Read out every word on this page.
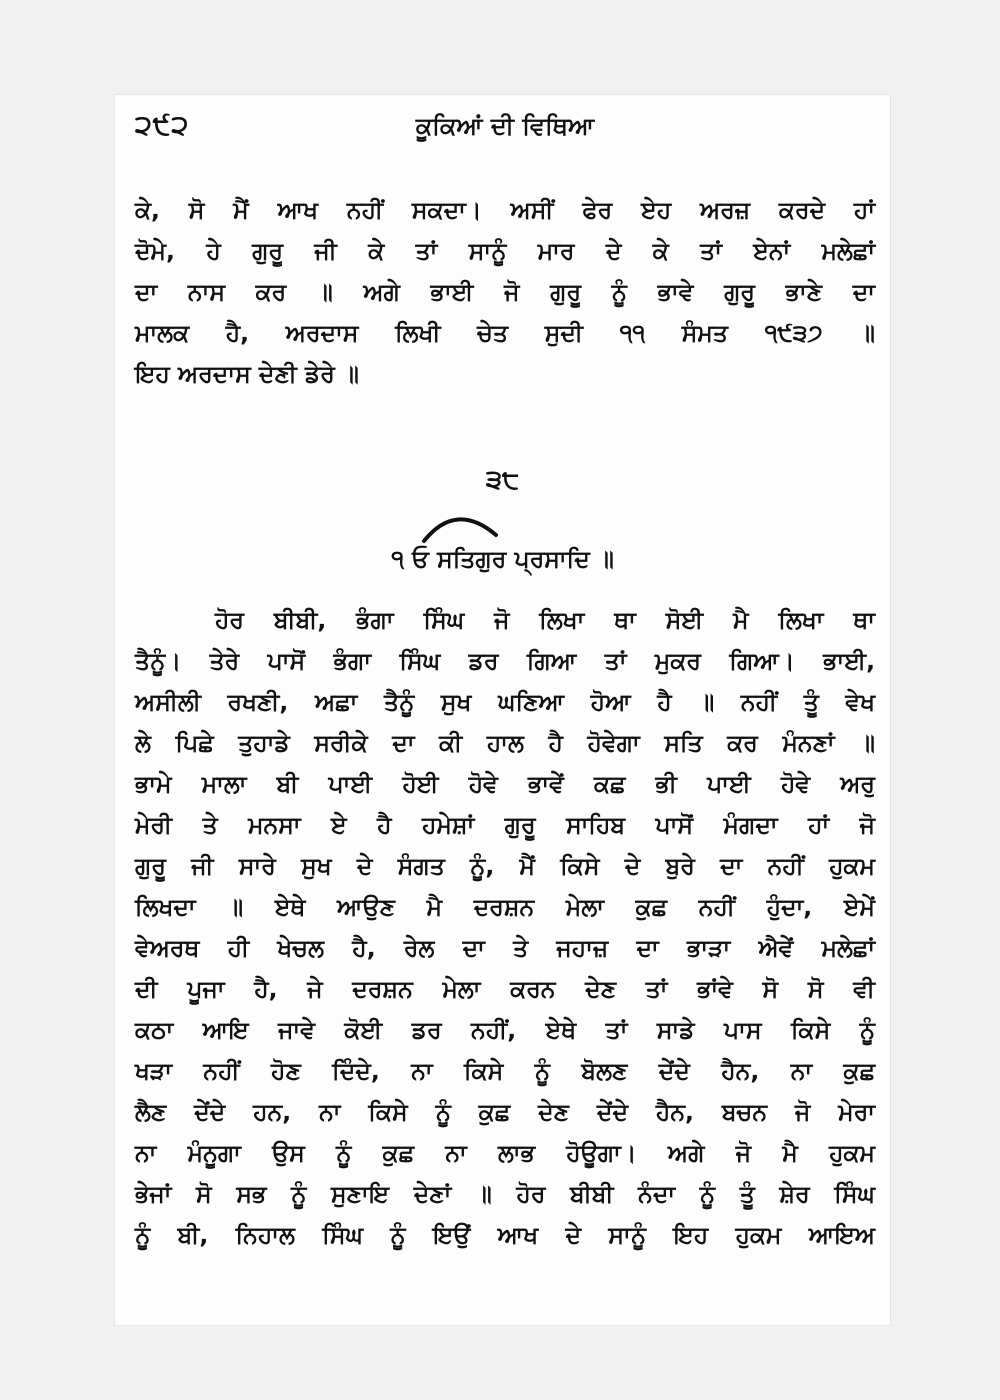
੨੯੨	ਕੂਕਿਆਂ ਦੀ ਵਿਥਿਆ
ਕੇ, ਸੋ ਮੈਂ ਆਖ ਨਹੀਂ ਸਕਦਾ। ਅਸੀਂ ਫੇਰ ਏਹ ਅਰਜ਼ ਕਰਦੇ ਹਾਂ
ਦੋਮੇ, ਹੇ ਗੁਰੂ ਜੀ ਕੇ ਤਾਂ ਸਾਨੂੰ ਮਾਰ ਦੇ ਕੇ ਤਾਂ ਏਨਾਂ ਮਲੇਛਾਂ
ਦਾ ਨਾਸ ਕਰ ॥ ਅਗੇ ਭਾਈ ਜੋ ਗੁਰੂ ਨੂੰ ਭਾਵੇ ਗੁਰੂ ਭਾਣੇ ਦਾ
ਮਾਲਕ ਹੈ, ਅਰਦਾਸ ਲਿਖੀ ਚੇਤ ਸੁਦੀ ੧੧ ਸੰਮਤ ੧੯੩੭ ॥
ਇਹ ਅਰਦਾਸ ਦੇਣੀ ਡੇਰੇ ॥
੩੮
੧ ਓ ਸਤਿਗੁਰ ਪ੍ਰਸਾਦਿ ॥
ਹੋਰ ਬੀਬੀ, ਭੰਗਾ ਸਿੰਘ ਜੋ ਲਿਖਾ ਥਾ ਸੋਈ ਮੈ ਲਿਖਾ ਥਾ
ਤੈਨੂੰ। ਤੇਰੇ ਪਾਸੋਂ ਭੰਗਾ ਸਿੰਘ ਡਰ ਗਿਆ ਤਾਂ ਮੁਕਰ ਗਿਆ। ਭਾਈ,
ਅਸੀਲੀ ਰਖਣੀ, ਅਛਾ ਤੈਨੂੰ ਸੁਖ ਘਣਿਆ ਹੋਆ ਹੈ ॥ ਨਹੀਂ ਤੂੰ ਵੇਖ
ਲੇ ਪਿਛੇ ਤੁਹਾਡੇ ਸਰੀਕੇ ਦਾ ਕੀ ਹਾਲ ਹੈ ਹੋਵੇਗਾ ਸਤਿ ਕਰ ਮੰਨਣਾਂ ॥
ਭਾਮੇ ਮਾਲਾ ਬੀ ਪਾਈ ਹੋਈ ਹੋਵੇ ਭਾਵੇਂ ਕਛ ਭੀ ਪਾਈ ਹੋਵੇ ਅਰੁ
ਮੇਰੀ ਤੇ ਮਨਸਾ ਏ ਹੈ ਹਮੇਸ਼ਾਂ ਗੁਰੂ ਸਾਹਿਬ ਪਾਸੋਂ ਮੰਗਦਾ ਹਾਂ ਜੋ
ਗੁਰੂ ਜੀ ਸਾਰੇ ਸੁਖ ਦੇ ਸੰਗਤ ਨੂੰ, ਮੈਂ ਕਿਸੇ ਦੇ ਬੁਰੇ ਦਾ ਨਹੀਂ ਹੁਕਮ
ਲਿਖਦਾ ॥ ਏਥੇ ਆਉਣ ਮੈ ਦਰਸ਼ਨ ਮੇਲਾ ਕੁਛ ਨਹੀਂ ਹੁੰਦਾ, ਏਮੇਂ
ਵੇਅਰਥ ਹੀ ਖੇਚਲ ਹੈ, ਰੇਲ ਦਾ ਤੇ ਜਹਾਜ਼ ਦਾ ਭਾੜਾ ਐਵੇਂ ਮਲੇਛਾਂ
ਦੀ ਪੂਜਾ ਹੈ, ਜੇ ਦਰਸ਼ਨ ਮੇਲਾ ਕਰਨ ਦੇਣ ਤਾਂ ਭਾਂਵੇ ਸੋ ਸੋ ਵੀ
ਕਠਾ ਆਇ ਜਾਵੇ ਕੋਈ ਡਰ ਨਹੀਂ, ਏਥੇ ਤਾਂ ਸਾਡੇ ਪਾਸ ਕਿਸੇ ਨੂੰ
ਖੜਾ ਨਹੀਂ ਹੋਣ ਦਿੰਦੇ, ਨਾ ਕਿਸੇ ਨੂੰ ਬੋਲਣ ਦੇਂਦੇ ਹੈਨ, ਨਾ ਕੁਛ
ਲੈਣ ਦੇਂਦੇ ਹਨ, ਨਾ ਕਿਸੇ ਨੂੰ ਕੁਛ ਦੇਣ ਦੇਂਦੇ ਹੈਨ, ਬਚਨ ਜੋ ਮੇਰਾ
ਨਾ ਮੰਨੂਗਾ ਉਸ ਨੂੰ ਕੁਛ ਨਾ ਲਾਭ ਹੋਊਗਾ। ਅਗੇ ਜੋ ਮੈ ਹੁਕਮ
ਭੇਜਾਂ ਸੋ ਸਭ ਨੂੰ ਸੁਣਾਇ ਦੇਣਾਂ ॥ ਹੋਰ ਬੀਬੀ ਨੰਦਾ ਨੂੰ ਤੂੰ ਸ਼ੇਰ ਸਿੰਘ
ਨੂੰ ਬੀ, ਨਿਹਾਲ ਸਿੰਘ ਨੂੰ ਇਉਂ ਆਖ ਦੇ ਸਾਨੂੰ ਇਹ ਹੁਕਮ ਆਇਅ
